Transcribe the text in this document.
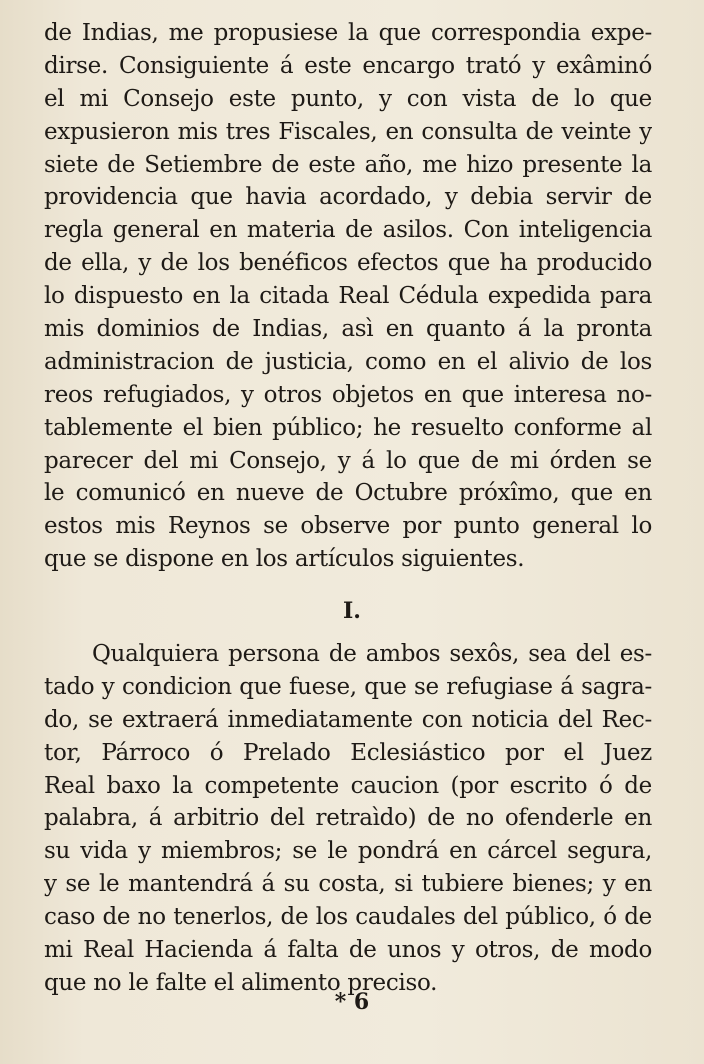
de Indias, me propusiese la que correspondia expe-
dirse. Consiguiente á este encargo trató y exâminó
el mi Consejo este punto, y con vista de lo que
expusieron mis tres Fiscales, en consulta de veinte y
siete de Setiembre de este año, me hizo presente la
providencia que havia acordado, y debia servir de
regla general en materia de asilos. Con inteligencia
de ella, y de los benéficos efectos que ha producido
lo dispuesto en la citada Real Cédula expedida para
mis dominios de Indias, asì en quanto á la pronta
administracion de justicia, como en el alivio de los
reos refugiados, y otros objetos en que interesa no-
tablemente el bien público; he resuelto conforme al
parecer del mi Consejo, y á lo que de mi órden se
le comunicó en nueve de Octubre próxîmo, que en
estos mis Reynos se observe por punto general lo
que se dispone en los artículos siguientes.
I.
Qualquiera persona de ambos sexôs, sea del es-
tado y condicion que fuese, que se refugiase á sagra-
do, se extraerá inmediatamente con noticia del Rec-
tor, Párroco ó Prelado Eclesiástico por el Juez
Real baxo la competente caucion (por escrito ó de
palabra, á arbitrio del retraìdo) de no ofenderle en
su vida y miembros; se le pondrá en cárcel segura,
y se le mantendrá á su costa, si tubiere bienes; y en
caso de no tenerlos, de los caudales del público, ó de
mi Real Hacienda á falta de unos y otros, de modo
que no le falte el alimento preciso.
* 6
